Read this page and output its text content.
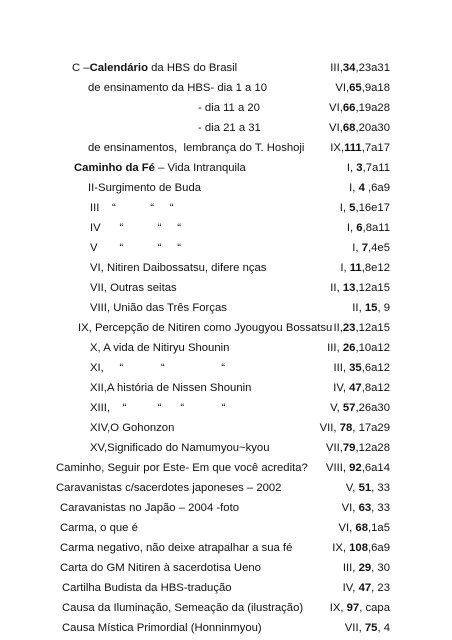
C –Calendário da HBS do Brasil	III,34,23a31
de ensinamento da HBS- dia 1 a 10	VI,65,9a18
- dia 11 a 20	VI,66,19a28
- dia 21 a 31	VI,68,20a30
de ensinamentos,  lembrança do T. Hoshoji IX,111,7a17
Caminho da Fé – Vida Intranquila	I, 3,7a11
II-Surgimento de Buda	I, 4 ,6a9
III    “           “     “	I, 5,16e17
IV      “           “     “	I, 6,8a11
V       “           “     “	I, 7,4e5
VI, Nitiren Daibossatsu, difere nças	I, 11,8e12
VII, Outras seitas	II, 13,12a15
VIII, União das Três Forças	II, 15, 9
IX, Percepção de Nitiren como Jyougyou Bossatsu II,23,12a15
X, A vida de Nitiryu Shounin	III, 26,10a12
XI,     “            “                  “	III, 35,6a12
XII,A história de Nissen Shounin	IV, 47,8a12
XIII,    “          “      “            “	V, 57,26a30
XIV,O Gohonzon	VII, 78, 17a29
XV,Significado do Namumyou~kyou	VII,79,12a28
Caminho, Seguir por Este- Em que você acredita? VIII, 92,6a14
Caravanistas c/sacerdotes japoneses – 2002	V, 51, 33
Caravanistas no Japão – 2004 -foto	VI, 63, 33
Carma, o que é	VI, 68,1a5
Carma negativo, não deixe atrapalhar a sua fé	IX, 108,6a9
Carta do GM Nitiren à sacerdotisa Ueno	III, 29, 30
Cartilha Budista da HBS-tradução	IV, 47, 23
Causa da Iluminação, Semeação da (ilustração) IX, 97, capa
Causa Mística Primordial (Honninmyou)	VII, 75, 4
